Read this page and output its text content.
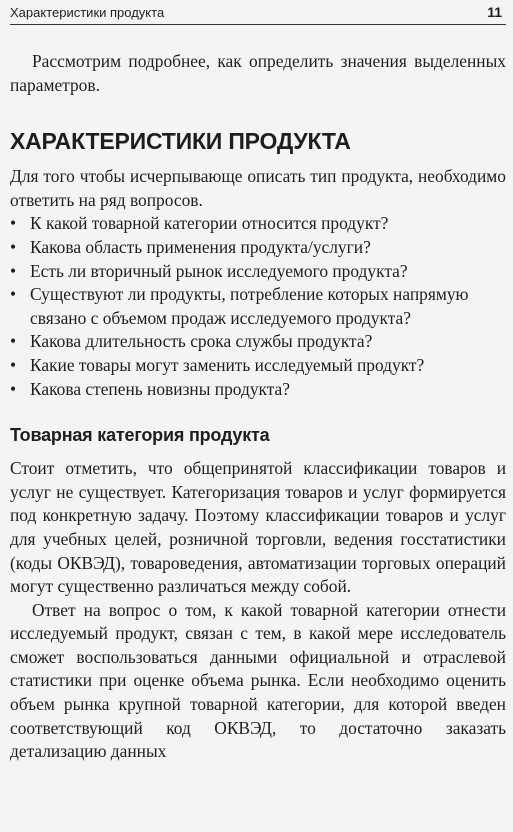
Характеристики продукта	11

Рассмотрим подробнее, как определить значения выделенных параметров.

ХАРАКТЕРИСТИКИ ПРОДУКТА

Для того чтобы исчерпывающе описать тип продукта, необходимо ответить на ряд вопросов.

• К какой товарной категории относится продукт?
• Какова область применения продукта/услуги?
• Есть ли вторичный рынок исследуемого продукта?
• Существуют ли продукты, потребление которых напрямую связано с объемом продаж исследуемого продукта?
• Какова длительность срока службы продукта?
• Какие товары могут заменить исследуемый продукт?
• Какова степень новизны продукта?
Товарная категория продукта

Стоит отметить, что общепринятой классификации товаров и услуг не существует. Категоризация товаров и услуг формируется под конкретную задачу. Поэтому классификации товаров и услуг для учебных целей, розничной торговли, ведения госстатистики (коды ОКВЭД), товароведения, автоматизации торговых операций могут существенно различаться между собой.

Ответ на вопрос о том, к какой товарной категории отнести исследуемый продукт, связан с тем, в какой мере исследователь сможет воспользоваться данными официальной и отраслевой статистики при оценке объема рынка. Если необходимо оценить объем рынка крупной товарной категории, для которой введен соответствующий код ОКВЭД, то достаточно заказать детализацию данных
